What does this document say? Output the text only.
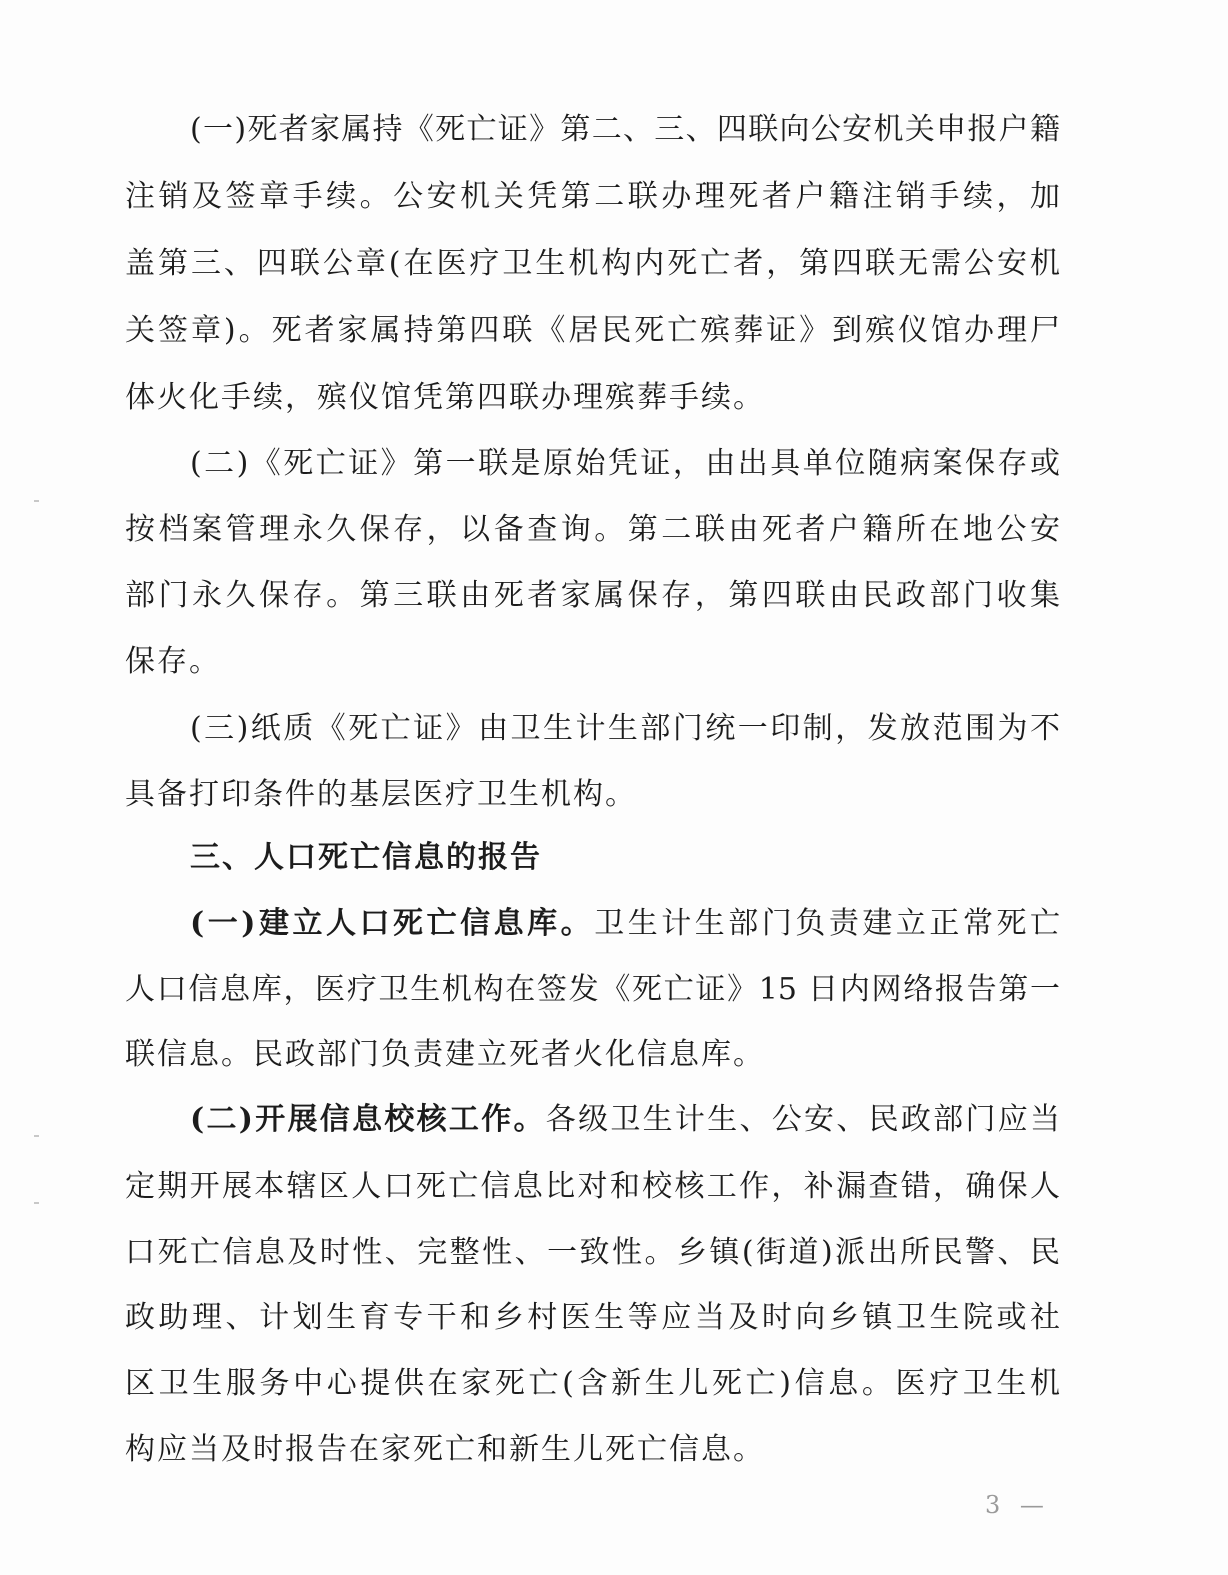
(一)死者家属持《死亡证》第二、三、四联向公安机关申报户籍
注销及签章手续。公安机关凭第二联办理死者户籍注销手续，加
盖第三、四联公章(在医疗卫生机构内死亡者，第四联无需公安机
关签章)。死者家属持第四联《居民死亡殡葬证》到殡仪馆办理尸
体火化手续，殡仪馆凭第四联办理殡葬手续。
(二)《死亡证》第一联是原始凭证，由出具单位随病案保存或
按档案管理永久保存，以备查询。第二联由死者户籍所在地公安
部门永久保存。第三联由死者家属保存，第四联由民政部门收集
保存。
(三)纸质《死亡证》由卫生计生部门统一印制，发放范围为不
具备打印条件的基层医疗卫生机构。
三、人口死亡信息的报告
(一)建立人口死亡信息库。卫生计生部门负责建立正常死亡
人口信息库，医疗卫生机构在签发《死亡证》15 日内网络报告第一
联信息。民政部门负责建立死者火化信息库。
(二)开展信息校核工作。各级卫生计生、公安、民政部门应当
定期开展本辖区人口死亡信息比对和校核工作，补漏查错，确保人
口死亡信息及时性、完整性、一致性。乡镇(街道)派出所民警、民
政助理、计划生育专干和乡村医生等应当及时向乡镇卫生院或社
区卫生服务中心提供在家死亡(含新生儿死亡)信息。医疗卫生机
构应当及时报告在家死亡和新生儿死亡信息。
3 —
